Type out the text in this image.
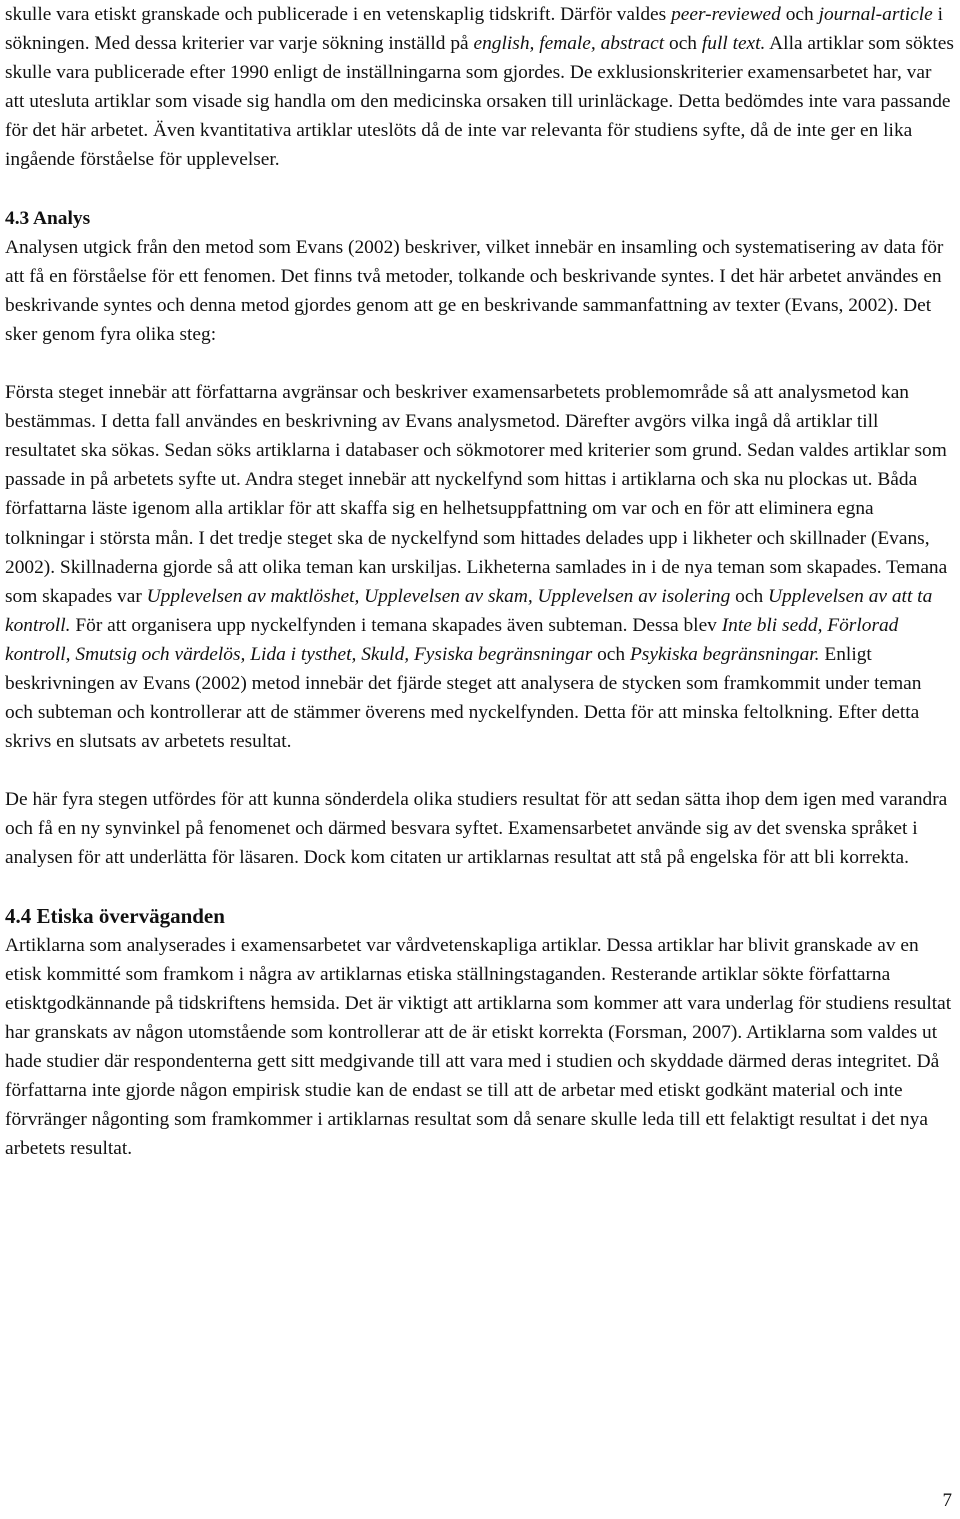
skulle vara etiskt granskade och publicerade i en vetenskaplig tidskrift. Därför valdes peer-reviewed och journal-article i sökningen. Med dessa kriterier var varje sökning inställd på english, female, abstract och full text. Alla artiklar som söktes skulle vara publicerade efter 1990 enligt de inställningarna som gjordes. De exklusionskriterier examensarbetet har, var att utesluta artiklar som visade sig handla om den medicinska orsaken till urinläckage. Detta bedömdes inte vara passande för det här arbetet. Även kvantitativa artiklar uteslöts då de inte var relevanta för studiens syfte, då de inte ger en lika ingående förståelse för upplevelser.

4.3 Analys

Analysen utgick från den metod som Evans (2002) beskriver, vilket innebär en insamling och systematisering av data för att få en förståelse för ett fenomen. Det finns två metoder, tolkande och beskrivande syntes. I det här arbetet användes en beskrivande syntes och denna metod gjordes genom att ge en beskrivande sammanfattning av texter (Evans, 2002). Det sker genom fyra olika steg:

Första steget innebär att författarna avgränsar och beskriver examensarbetets problemområde så att analysmetod kan bestämmas. I detta fall användes en beskrivning av Evans analysmetod. Därefter avgörs vilka ingå då artiklar till resultatet ska sökas. Sedan söks artiklarna i databaser och sökmotorer med kriterier som grund. Sedan valdes artiklar som passade in på arbetets syfte ut. Andra steget innebär att nyckelfynd som hittas i artiklarna och ska nu plockas ut. Båda författarna läste igenom alla artiklar för att skaffa sig en helhetsuppfattning om var och en för att eliminera egna tolkningar i största mån. I det tredje steget ska de nyckelfynd som hittades delades upp i likheter och skillnader (Evans, 2002). Skillnaderna gjorde så att olika teman kan urskiljas. Likheterna samlades in i de nya teman som skapades. Temana som skapades var Upplevelsen av maktlöshet, Upplevelsen av skam, Upplevelsen av isolering och Upplevelsen av att ta kontroll. För att organisera upp nyckelfynden i temana skapades även subteman. Dessa blev Inte bli sedd, Förlorad kontroll, Smutsig och värdelös, Lida i tysthet, Skuld, Fysiska begränsningar och Psykiska begränsningar. Enligt beskrivningen av Evans (2002) metod innebär det fjärde steget att analysera de stycken som framkommit under teman och subteman och kontrollerar att de stämmer överens med nyckelfynden. Detta för att minska feltolkning. Efter detta skrivs en slutsats av arbetets resultat.

De här fyra stegen utfördes för att kunna sönderdela olika studiers resultat för att sedan sätta ihop dem igen med varandra och få en ny synvinkel på fenomenet och därmed besvara syftet. Examensarbetet använde sig av det svenska språket i analysen för att underlätta för läsaren. Dock kom citaten ur artiklarnas resultat att stå på engelska för att bli korrekta.

4.4 Etiska överväganden

Artiklarna som analyserades i examensarbetet var vårdvetenskapliga artiklar. Dessa artiklar har blivit granskade av en etisk kommitté som framkom i några av artiklarnas etiska ställningstaganden. Resterande artiklar sökte författarna etisktgodkännande på tidskriftens hemsida. Det är viktigt att artiklarna som kommer att vara underlag för studiens resultat har granskats av någon utomstående som kontrollerar att de är etiskt korrekta (Forsman, 2007). Artiklarna som valdes ut hade studier där respondenterna gett sitt medgivande till att vara med i studien och skyddade därmed deras integritet. Då författarna inte gjorde någon empirisk studie kan de endast se till att de arbetar med etiskt godkänt material och inte förvränger någonting som framkommer i artiklarnas resultat som då senare skulle leda till ett felaktigt resultat i det nya arbetets resultat.

7
